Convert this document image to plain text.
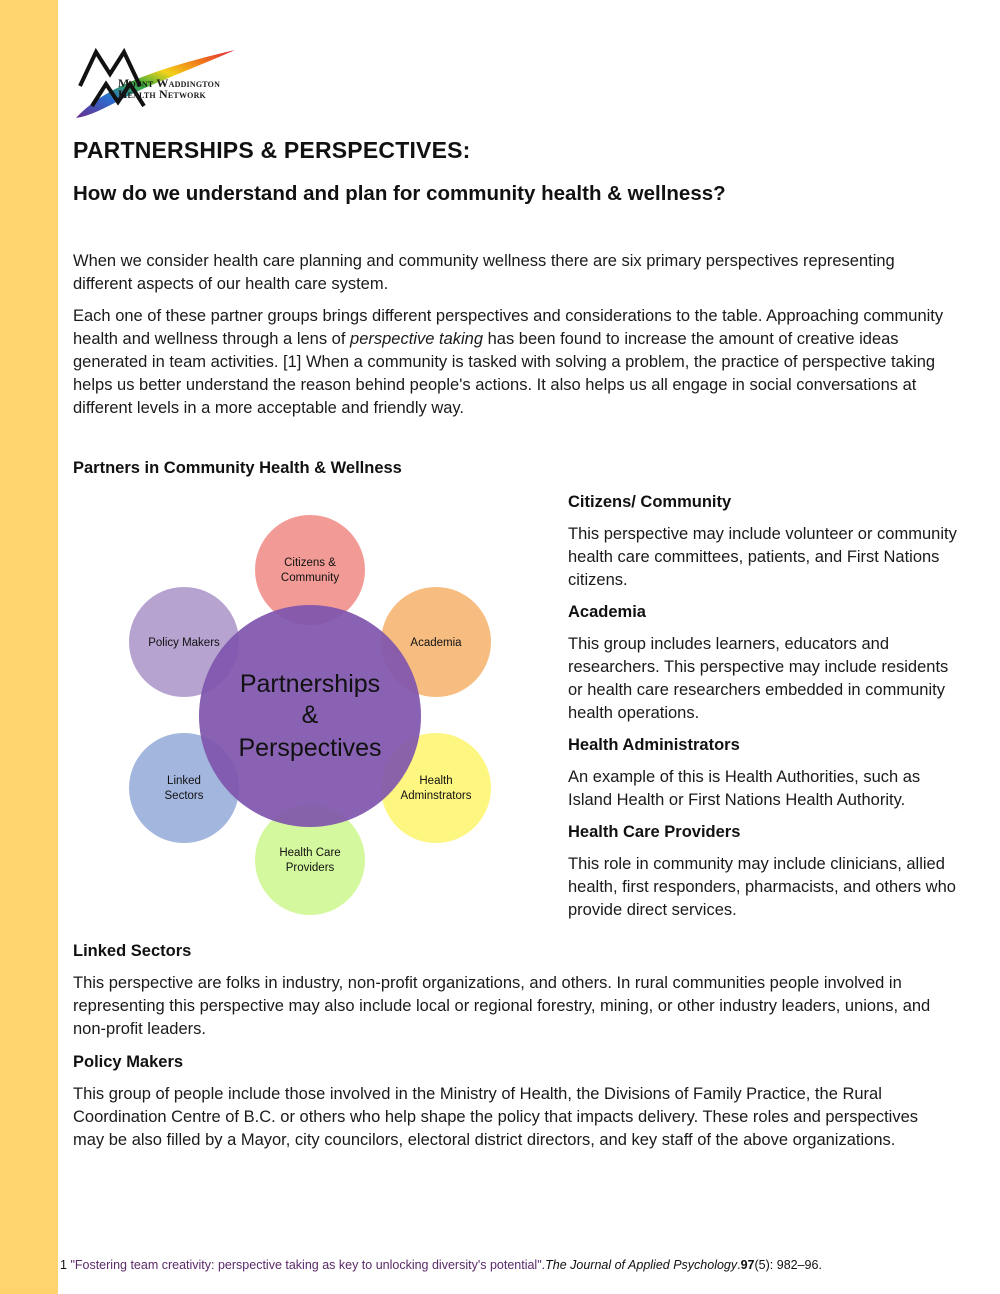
Mount Waddington
Health Network
PARTNERSHIPS & PERSPECTIVES:
How do we understand and plan for community health & wellness?

When we consider health care planning and community wellness there are six primary perspectives representing different aspects of our health care system.

Each one of these partner groups brings different perspectives and considerations to the table. Approaching community health and wellness through a lens of perspective taking has been found to increase the amount of creative ideas generated in team activities. [1] When a community is tasked with solving a problem, the practice of perspective taking helps us better understand the reason behind people's actions. It also helps us all engage in social conversations at different levels in a more acceptable and friendly way.

Partners in Community Health & Wellness
Partnerships
&
Perspectives
Citizens &
Community
Academia
Health
Adminstrators
Health Care
Providers
Linked
Sectors
Policy Makers
Citizens/ Community
This perspective may include volunteer or community health care committees, patients, and First Nations citizens.
Academia
This group includes learners, educators and researchers. This perspective may include residents or health care researchers embedded in community health operations.
Health Administrators
An example of this is Health Authorities, such as Island Health or First Nations Health Authority.
Health Care Providers
This role in community may include clinicians, allied health, first responders, pharmacists, and others who provide direct services.
Linked Sectors
This perspective are folks in industry, non-profit organizations, and others. In rural communities people involved in representing this perspective may also include local or regional forestry, mining, or other industry leaders, unions, and non-profit leaders.
Policy Makers
This group of people include those involved in the Ministry of Health, the Divisions of Family Practice, the Rural Coordination Centre of B.C. or others who help shape the policy that impacts delivery. These roles and perspectives may be also filled by a Mayor, city councilors, electoral district directors, and key staff of the above organizations.
1 "Fostering team creativity: perspective taking as key to unlocking diversity's potential".The Journal of Applied Psychology.97(5): 982–96.
